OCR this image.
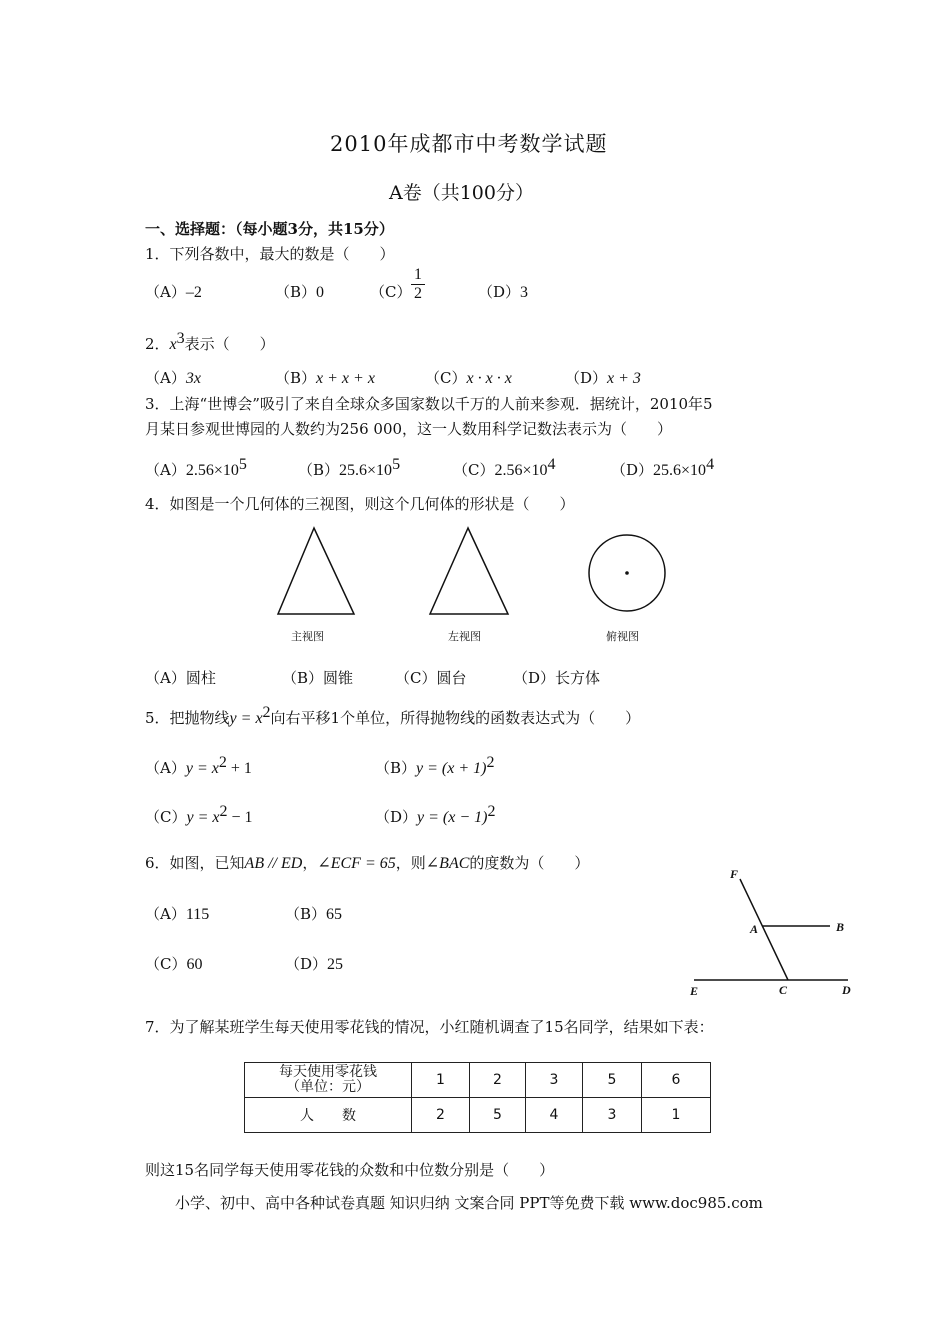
2010年成都市中考数学试题
A卷（共100分）
一、选择题：（每小题3分，共15分）
1．下列各数中，最大的数是（　　）
（A）–2	（B）0	（C）
1
2	（D）3
2．$x^3$表示（　　）
（A）3x	（B）x + x + x	（C）x · x · x	（D）x + 3
3．上海“世博会”吸引了来自全球众多国家数以千万的人前来参观．据统计，2010年5
月某日参观世博园的人数约为256 000，这一人数用科学记数法表示为（　　）
$(A)2.56\times 10^5$	$(B)25.6\times 10^5$	$(C)2.56\times 10^4$	$(D)25.6\times 10^4$
4．如图是一个几何体的三视图，则这个几何体的形状是（　　）
主视图	左视图	俯视图
（A）圆柱	（B）圆锥	（C）圆台	（D）长方体
5．把抛物线$y = x^2$向右平移1个单位，所得抛物线的函数表达式为（　　）
$(A)y = x^2 + 1$	$(B)y = (x + 1)^2$
$(C)y = x^2 - 1$	$(D)y = (x - 1)^2$
6．如图，已知AB // ED，∠ECF = 65，则∠BAC的度数为（　　）
（A）115	（B）65
（C）60	（D）25
F
A	B
E	C	D
7．为了解某班学生每天使用零花钱的情况，小红随机调查了15名同学，结果如下表：
每天使用零花钱
（单位：元）	1	2	3	5	6
人　　数	2	5	4	3	1
则这15名同学每天使用零花钱的众数和中位数分别是（　　）
小学、初中、高中各种试卷真题 知识归纳 文案合同 PPT等免费下载 www.doc985.com
